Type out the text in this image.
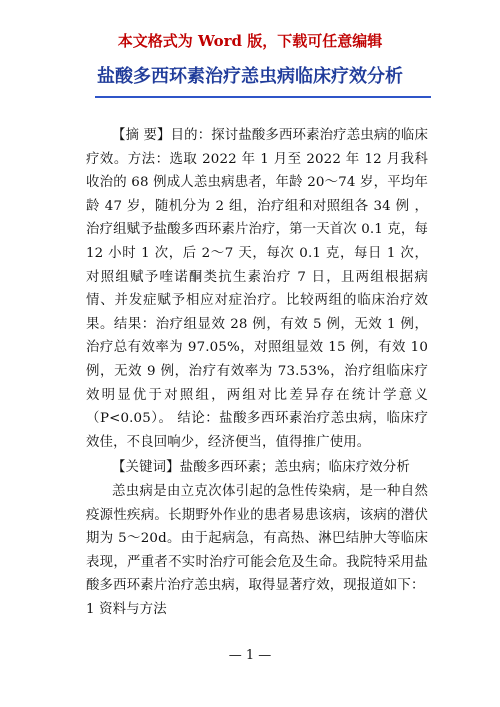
本文格式为 Word 版，下载可任意编辑
盐酸多西环素治疗恙虫病临床疗效分析

【摘 要】目的：探讨盐酸多西环素治疗恙虫病的临床疗效。方法：选取 2022 年 1 月至 2022 年 12 月我科收治的 68 例成人恙虫病患者，年龄 20～74 岁，平均年龄 47 岁，随机分为 2 组，治疗组和对照组各 34 例 ，治疗组赋予盐酸多西环素片治疗，第一天首次 0.1 克，每 12 小时 1 次，后 2～7 天，每次 0.1 克，每日 1 次，对照组赋予喹诺酮类抗生素治疗 7 日，且两组根据病情、并发症赋予相应对症治疗。比较两组的临床治疗效果。结果：治疗组显效 28 例，有效 5 例，无效 1 例，治疗总有效率为 97.05%，对照组显效 15 例，有效 10 例，无效 9 例，治疗有效率为 73.53%，治疗组临床疗效明显优于对照组，两组对比差异存在统计学意义（P<0.05）。 结论：盐酸多西环素治疗恙虫病，临床疗效佳，不良回响少，经济便当，值得推广使用。

【关键词】盐酸多西环素；恙虫病；临床疗效分析

恙虫病是由立克次体引起的急性传染病，是一种自然疫源性疾病。长期野外作业的患者易患该病，该病的潜伏期为 5～20d。由于起病急，有高热、淋巴结肿大等临床表现，严重者不实时治疗可能会危及生命。我院特采用盐酸多西环素片治疗恙虫病，取得显著疗效，现报道如下：

1 资料与方法

— 1 —
